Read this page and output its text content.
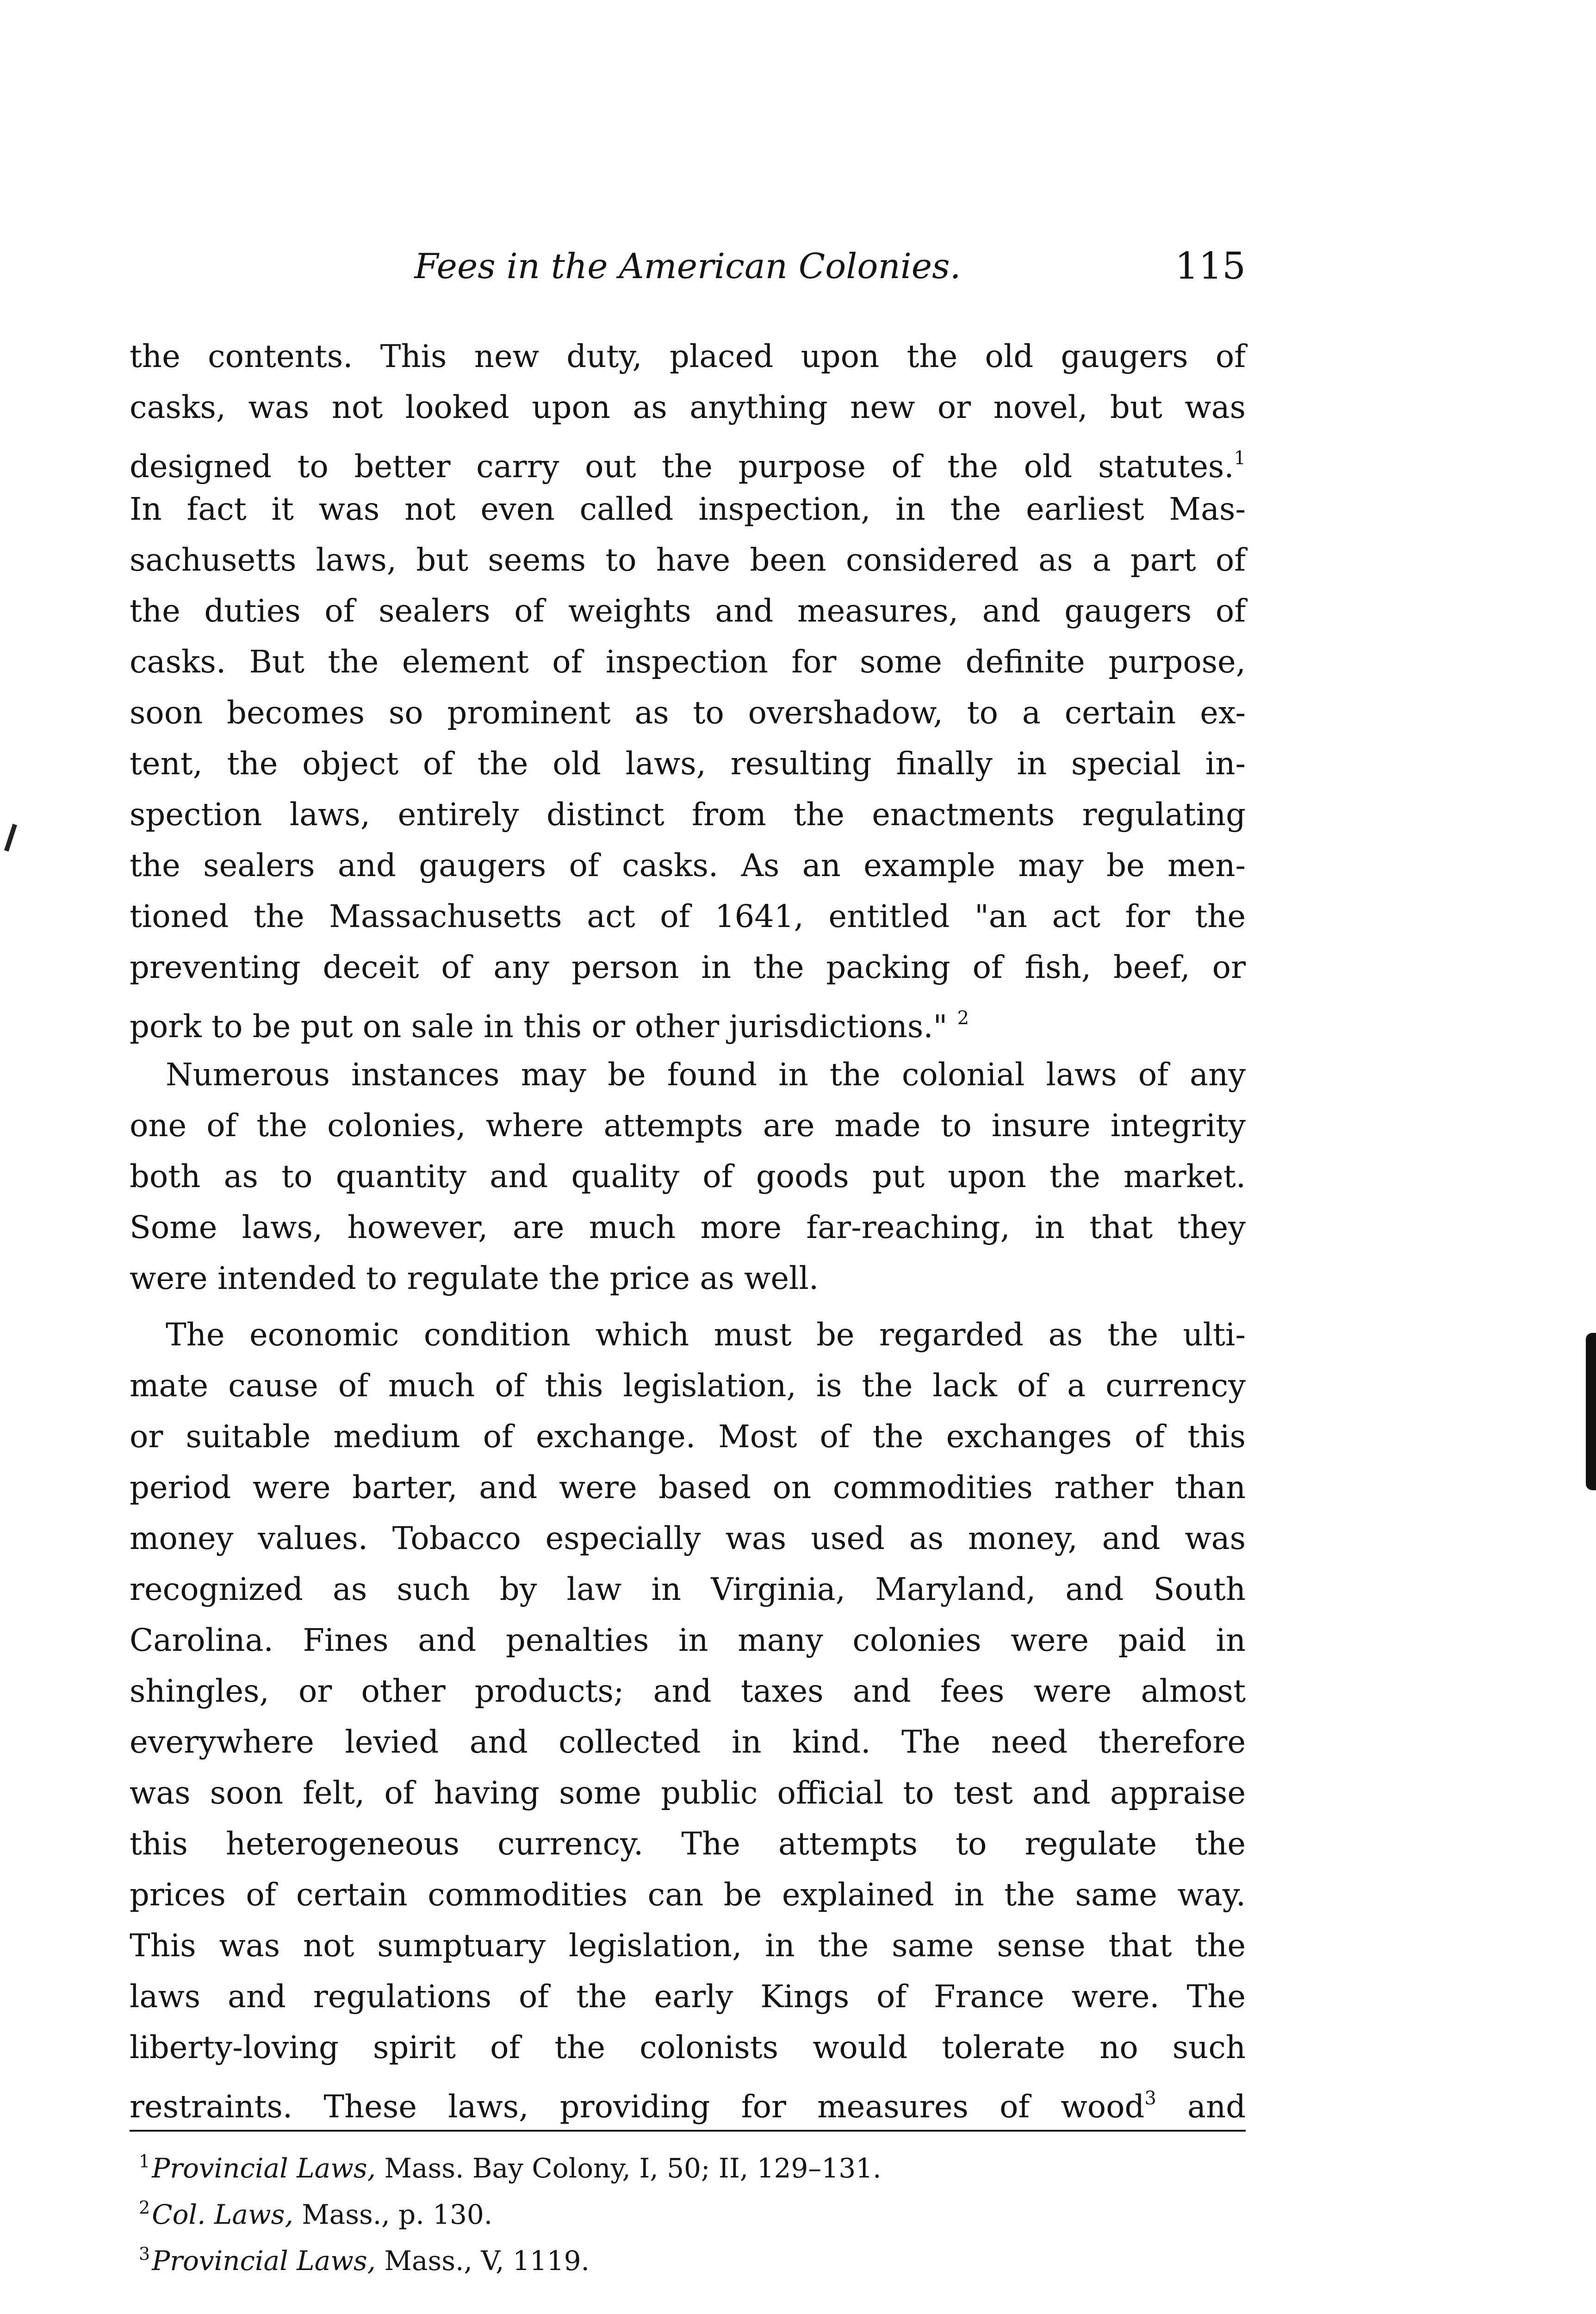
Fees in the American Colonies.	115
the contents. This new duty, placed upon the old gaugers of
casks, was not looked upon as anything new or novel, but was
designed to better carry out the purpose of the old statutes.$^1$
In fact it was not even called inspection, in the earliest Mas-
sachusetts laws, but seems to have been considered as a part of
the duties of sealers of weights and measures, and gaugers of
casks. But the element of inspection for some definite purpose,
soon becomes so prominent as to overshadow, to a certain ex-
tent, the object of the old laws, resulting finally in special in-
spection laws, entirely distinct from the enactments regulating
the sealers and gaugers of casks. As an example may be men-
tioned the Massachusetts act of 1641, entitled "an act for the
preventing deceit of any person in the packing of fish, beef, or
pork to be put on sale in this or other jurisdictions." $^2$
Numerous instances may be found in the colonial laws of any
one of the colonies, where attempts are made to insure integrity
both as to quantity and quality of goods put upon the market.
Some laws, however, are much more far-reaching, in that they
were intended to regulate the price as well.
The economic condition which must be regarded as the ulti-
mate cause of much of this legislation, is the lack of a currency
or suitable medium of exchange. Most of the exchanges of this
period were barter, and were based on commodities rather than
money values. Tobacco especially was used as money, and was
recognized as such by law in Virginia, Maryland, and South
Carolina. Fines and penalties in many colonies were paid in
shingles, or other products; and taxes and fees were almost
everywhere levied and collected in kind. The need therefore
was soon felt, of having some public official to test and appraise
this heterogeneous currency. The attempts to regulate the
prices of certain commodities can be explained in the same way.
This was not sumptuary legislation, in the same sense that the
laws and regulations of the early Kings of France were. The
liberty-loving spirit of the colonists would tolerate no such
restraints. These laws, providing for measures of wood$^3$ and
$^1$Provincial Laws, Mass. Bay Colony, I, 50; II, 129–131.
$^2$Col. Laws, Mass., p. 130.
$^3$Provincial Laws, Mass., V, 1119.
